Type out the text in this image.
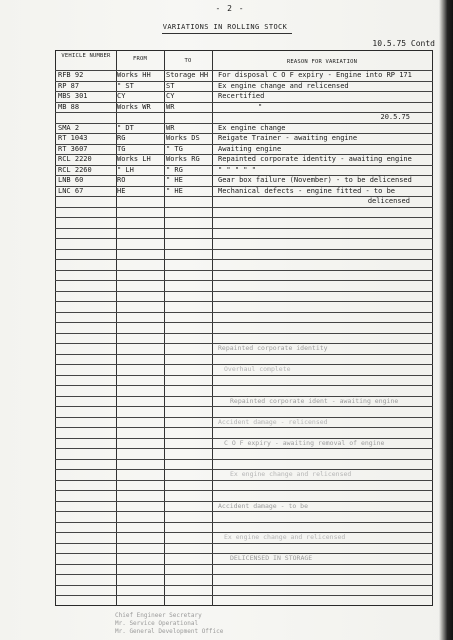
- 2 -
VARIATIONS IN ROLLING STOCK
10.5.75 Contd
VEHICLE NUMBER	FROM	TO	REASON FOR VARIATION
RFB 92	Works HH	Storage HH	For disposal C O F expiry - Engine into RP 171
RP 87	" ST	ST	Ex engine change and relicensed
MBS 301	CY	CY	Recertified
MB 88	Works WR	WR	"
20.5.75
SMA 2	" DT	WR	Ex engine change
RT 1043	RG	Works DS	Reigate Trainer - awaiting engine
RT 3607	TG	" TG	Awaiting engine
RCL 2220	Works LH	Works RG	Repainted corporate identity - awaiting engine
RCL 2260	" LH	" RG	" " " " "
LNB 60	RO	" HE	Gear box failure (November) - to be delicensed
LNC 67	HE	" HE	Mechanical defects - engine fitted - to be
delicensed
Repainted corporate identity
Overhaul complete
Repainted corporate ident - awaiting engine
Accident damage - relicensed
C O F expiry - awaiting removal of engine
Ex engine change and relicensed
Accident damage - to be
Ex engine change and relicensed
DELICENSED IN STORAGE
Chief Engineer Secretary
Mr. Service Operational
Mr. General Development Office
